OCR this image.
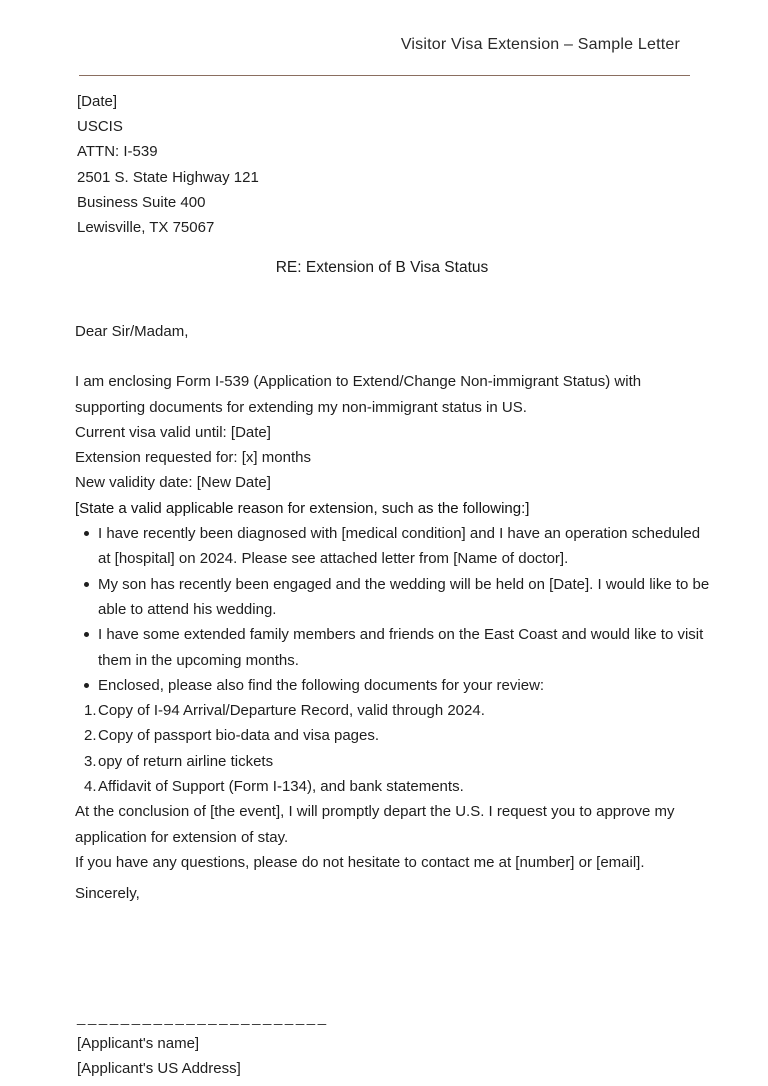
Visitor Visa Extension – Sample Letter
[Date]
USCIS
ATTN: I-539
2501 S. State Highway 121
Business Suite 400
Lewisville, TX 75067
RE: Extension of B Visa Status

Dear Sir/Madam,

I am enclosing Form I-539 (Application to Extend/Change Non-immigrant Status) with supporting documents for extending my non-immigrant status in US.

Current visa valid until: [Date]

Extension requested for: [x] months

New validity date: [New Date]

[State a valid applicable reason for extension, such as the following:]

I have recently been diagnosed with [medical condition] and I have an operation scheduled at [hospital] on 2024. Please see attached letter from [Name of doctor].
My son has recently been engaged and the wedding will be held on [Date]. I would like to be able to attend his wedding.
I have some extended family members and friends on the East Coast and would like to visit them in the upcoming months.
Enclosed, please also find the following documents for your review:
1. Copy of I-94 Arrival/Departure Record, valid through 2024.
2. Copy of passport bio-data and visa pages.
3. opy of return airline tickets
4. Affidavit of Support (Form I-134), and bank statements.

At the conclusion of [the event], I will promptly depart the U.S. I request you to approve my application for extension of stay.

If you have any questions, please do not hesitate to contact me at [number] or [email].

Sincerely,

_______________________
[Applicant's name]
[Applicant's US Address]
